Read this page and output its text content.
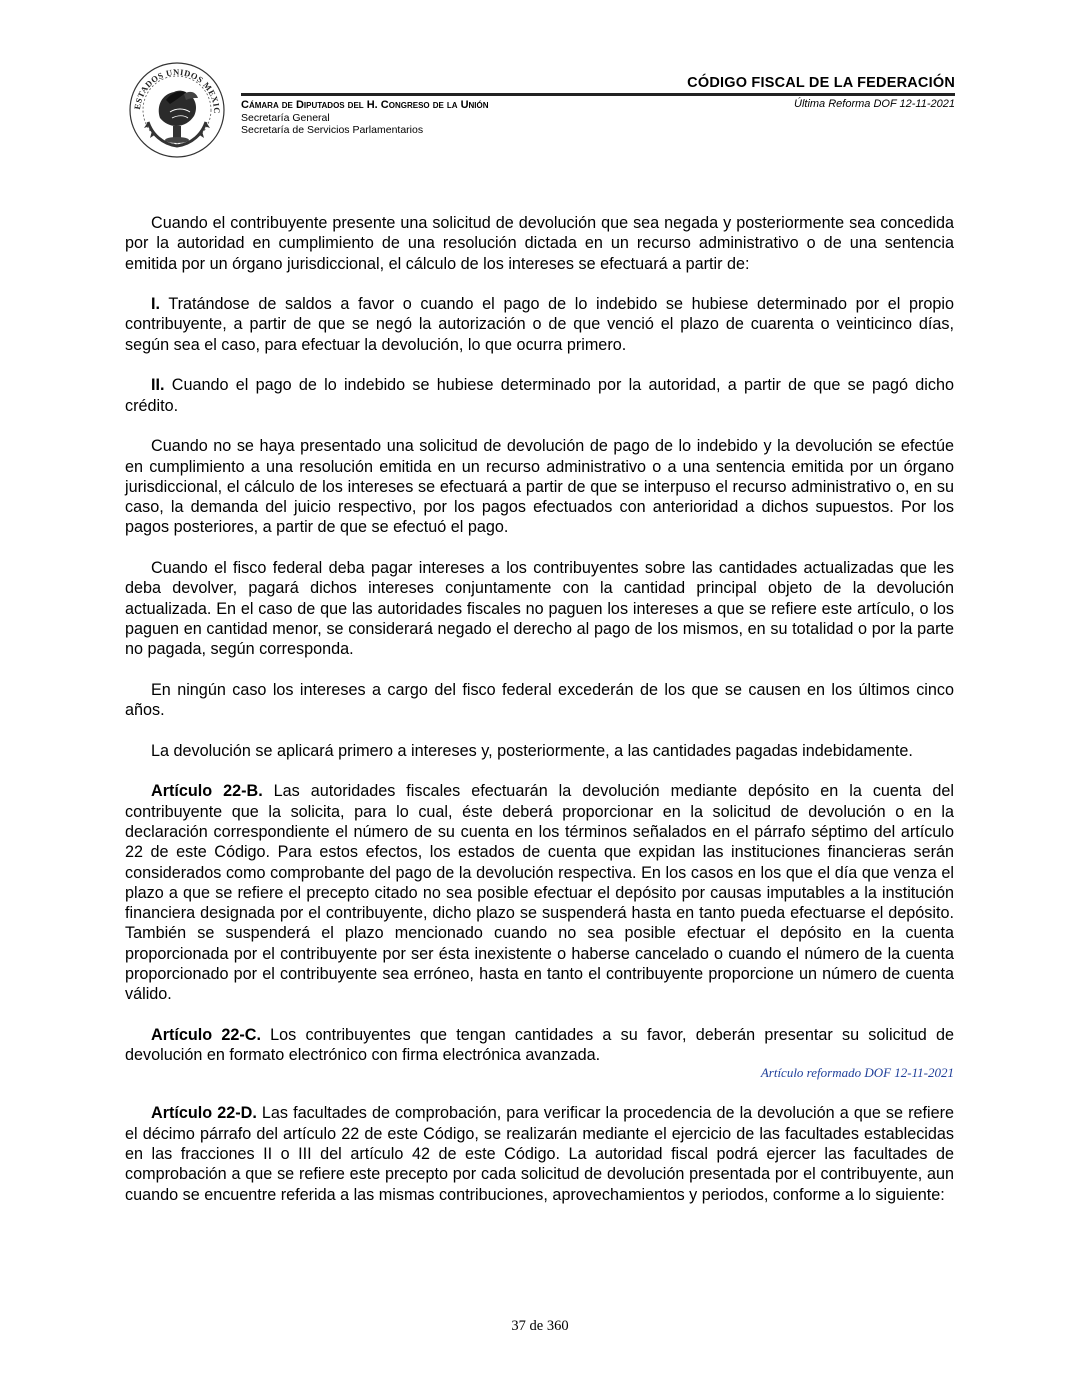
ESTADOS UNIDOS MEXIC Cámara de Diputados del H. Congreso de la Unión
Secretaría General
Secretaría de Servicios Parlamentarios
CÓDIGO FISCAL DE LA FEDERACIÓN
Última Reforma DOF 12-11-2021

Cuando el contribuyente presente una solicitud de devolución que sea negada y posteriormente sea concedida por la autoridad en cumplimiento de una resolución dictada en un recurso administrativo o de una sentencia emitida por un órgano jurisdiccional, el cálculo de los intereses se efectuará a partir de:

I. Tratándose de saldos a favor o cuando el pago de lo indebido se hubiese determinado por el propio contribuyente, a partir de que se negó la autorización o de que venció el plazo de cuarenta o veinticinco días, según sea el caso, para efectuar la devolución, lo que ocurra primero.

II. Cuando el pago de lo indebido se hubiese determinado por la autoridad, a partir de que se pagó dicho crédito.

Cuando no se haya presentado una solicitud de devolución de pago de lo indebido y la devolución se efectúe en cumplimiento a una resolución emitida en un recurso administrativo o a una sentencia emitida por un órgano jurisdiccional, el cálculo de los intereses se efectuará a partir de que se interpuso el recurso administrativo o, en su caso, la demanda del juicio respectivo, por los pagos efectuados con anterioridad a dichos supuestos. Por los pagos posteriores, a partir de que se efectuó el pago.

Cuando el fisco federal deba pagar intereses a los contribuyentes sobre las cantidades actualizadas que les deba devolver, pagará dichos intereses conjuntamente con la cantidad principal objeto de la devolución actualizada. En el caso de que las autoridades fiscales no paguen los intereses a que se refiere este artículo, o los paguen en cantidad menor, se considerará negado el derecho al pago de los mismos, en su totalidad o por la parte no pagada, según corresponda.

En ningún caso los intereses a cargo del fisco federal excederán de los que se causen en los últimos cinco años.

La devolución se aplicará primero a intereses y, posteriormente, a las cantidades pagadas indebidamente.

Artículo 22-B. Las autoridades fiscales efectuarán la devolución mediante depósito en la cuenta del contribuyente que la solicita, para lo cual, éste deberá proporcionar en la solicitud de devolución o en la declaración correspondiente el número de su cuenta en los términos señalados en el párrafo séptimo del artículo 22 de este Código. Para estos efectos, los estados de cuenta que expidan las instituciones financieras serán considerados como comprobante del pago de la devolución respectiva. En los casos en los que el día que venza el plazo a que se refiere el precepto citado no sea posible efectuar el depósito por causas imputables a la institución financiera designada por el contribuyente, dicho plazo se suspenderá hasta en tanto pueda efectuarse el depósito. También se suspenderá el plazo mencionado cuando no sea posible efectuar el depósito en la cuenta proporcionada por el contribuyente por ser ésta inexistente o haberse cancelado o cuando el número de la cuenta proporcionado por el contribuyente sea erróneo, hasta en tanto el contribuyente proporcione un número de cuenta válido.

Artículo 22-C. Los contribuyentes que tengan cantidades a su favor, deberán presentar su solicitud de devolución en formato electrónico con firma electrónica avanzada.

Artículo reformado DOF 12-11-2021

Artículo 22-D. Las facultades de comprobación, para verificar la procedencia de la devolución a que se refiere el décimo párrafo del artículo 22 de este Código, se realizarán mediante el ejercicio de las facultades establecidas en las fracciones II o III del artículo 42 de este Código. La autoridad fiscal podrá ejercer las facultades de comprobación a que se refiere este precepto por cada solicitud de devolución presentada por el contribuyente, aun cuando se encuentre referida a las mismas contribuciones, aprovechamientos y periodos, conforme a lo siguiente:

37 de 360
